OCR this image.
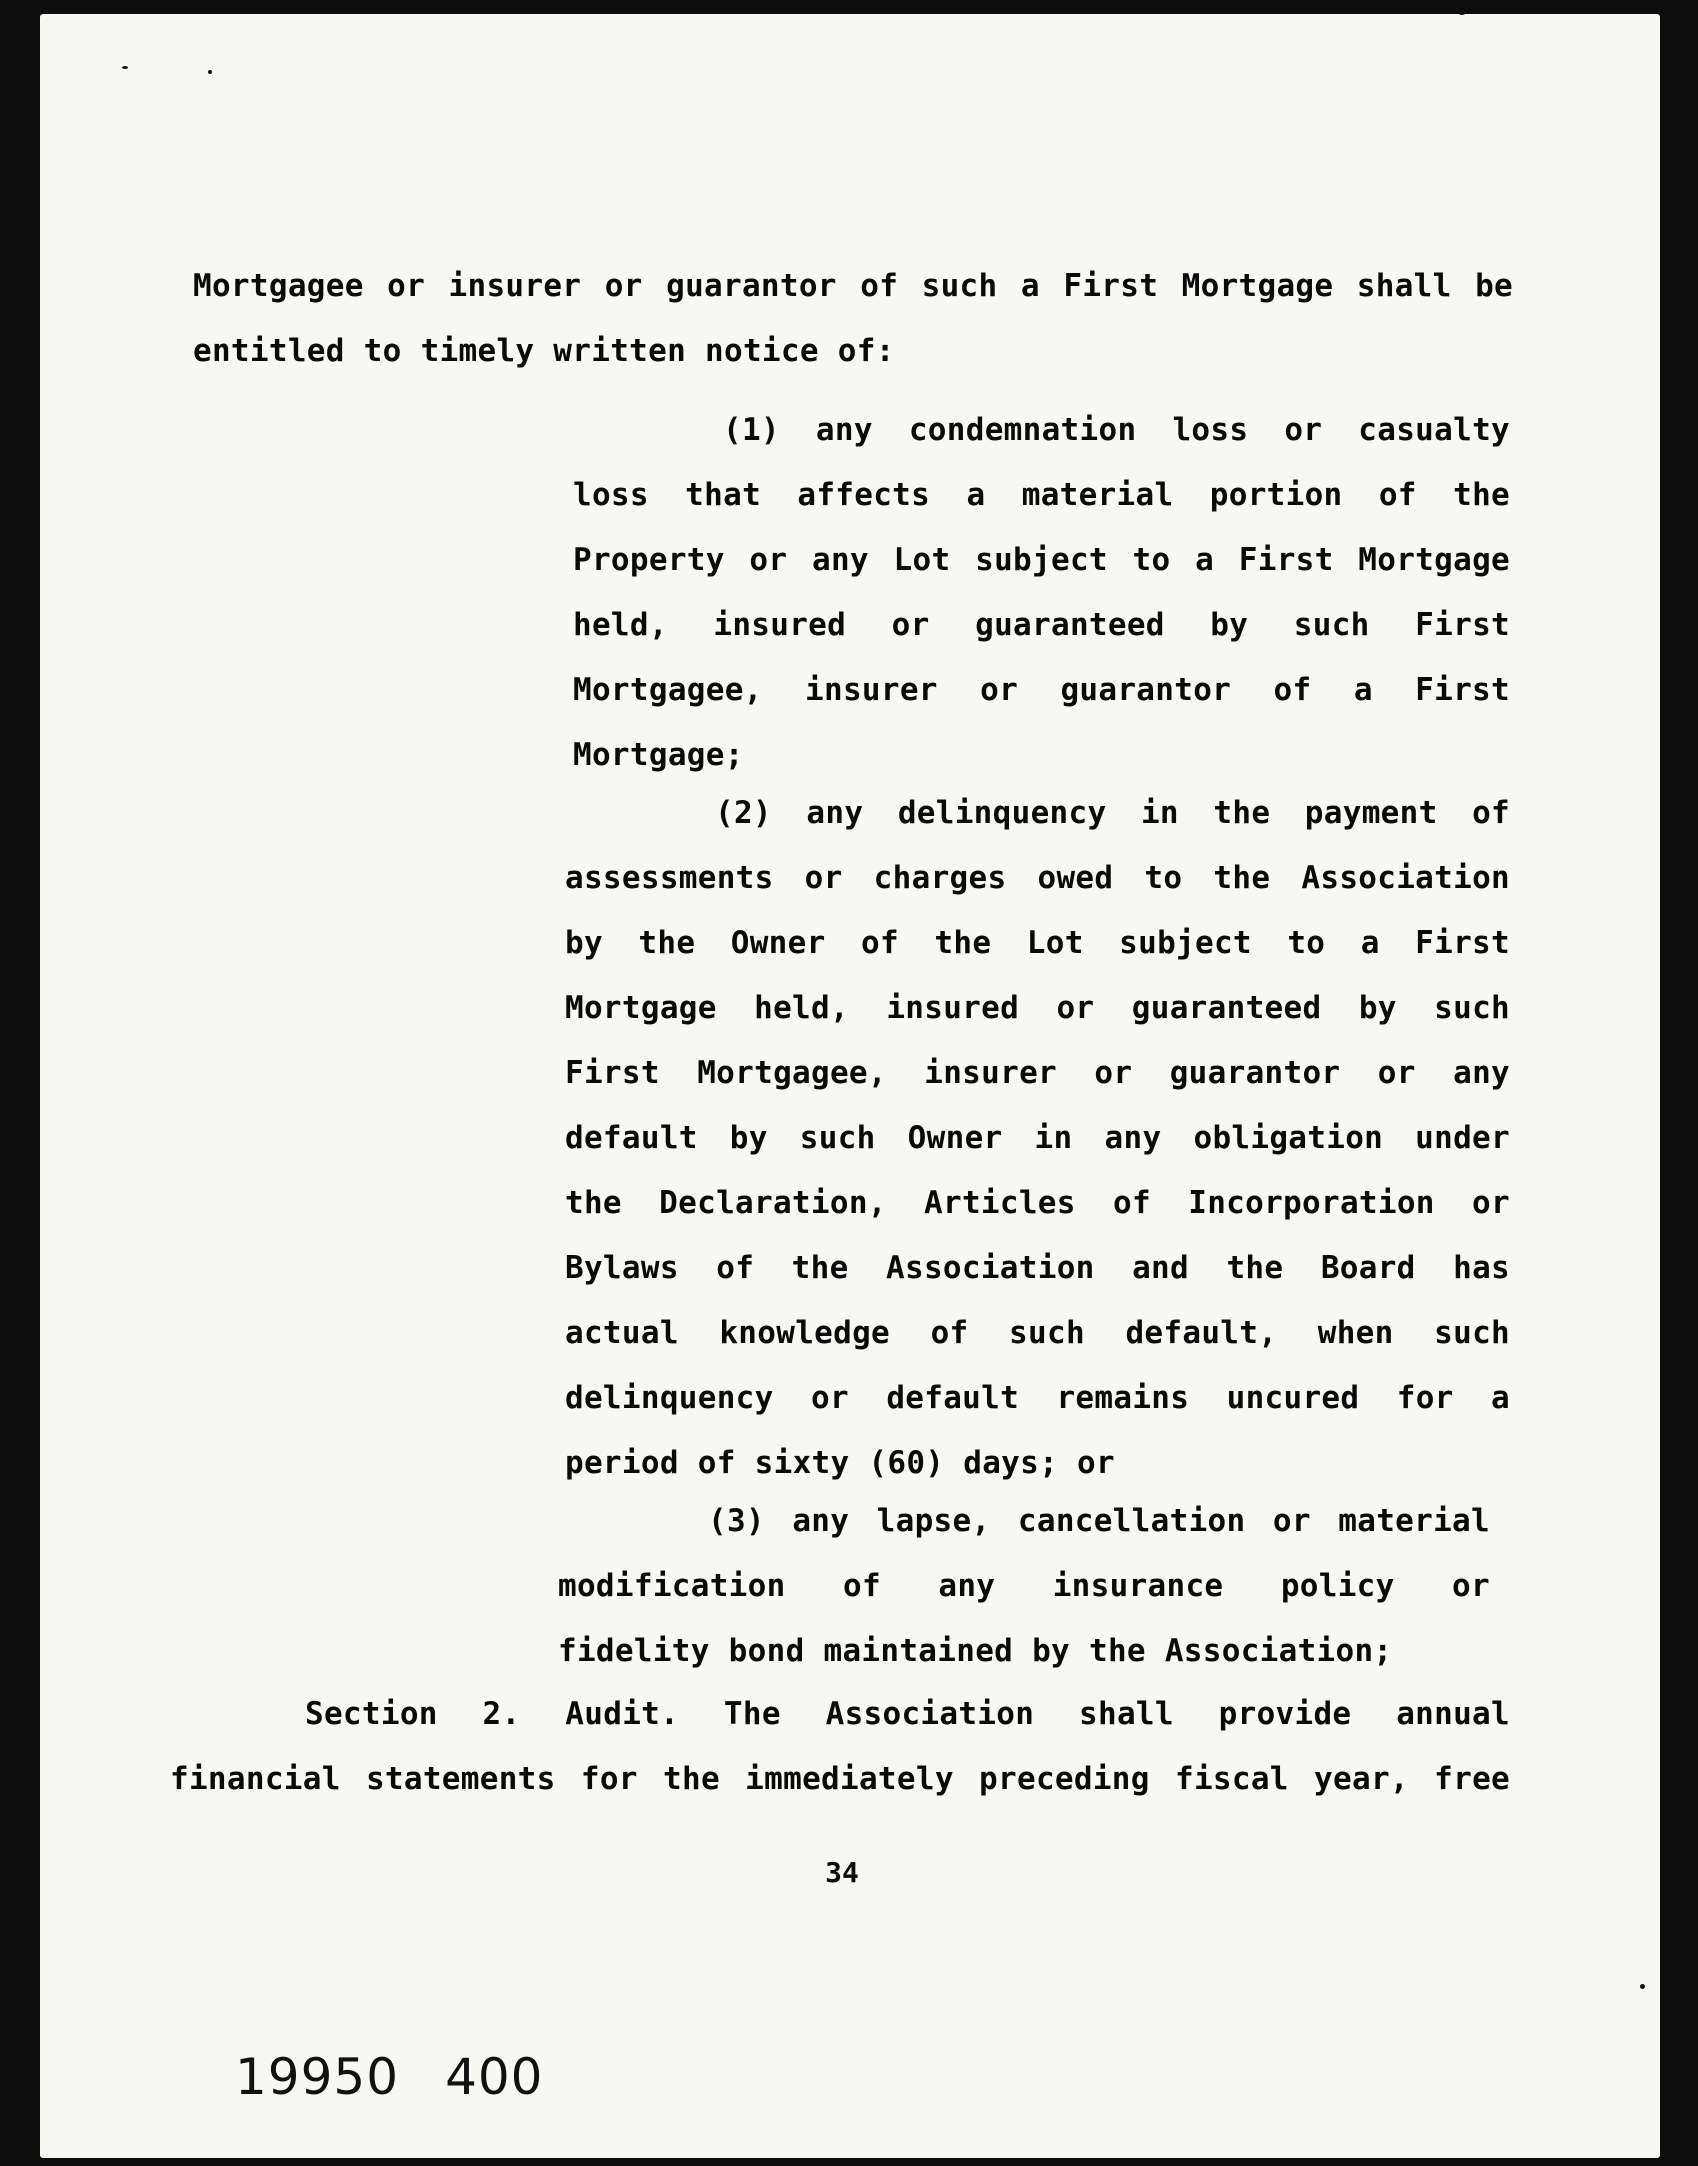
Mortgagee or insurer or guarantor of such a First Mortgage shall be
entitled to timely written notice of:

(1) any condemnation loss or casualty
loss that affects a material portion of the
Property or any Lot subject to a First Mortgage
held, insured or guaranteed by such First
Mortgagee, insurer or guarantor of a First
Mortgage;

(2) any delinquency in the payment of
assessments or charges owed to the Association
by the Owner of the Lot subject to a First
Mortgage held, insured or guaranteed by such
First Mortgagee, insurer or guarantor or any
default by such Owner in any obligation under
the Declaration, Articles of Incorporation or
Bylaws of the Association and the Board has
actual knowledge of such default, when such
delinquency or default remains uncured for a
period of sixty (60) days; or

(3) any lapse, cancellation or material
modification of any insurance policy or
fidelity bond maintained by the Association;

Section 2. Audit. The Association shall provide annual
financial statements for the immediately preceding fiscal year, free

34
19950 400
